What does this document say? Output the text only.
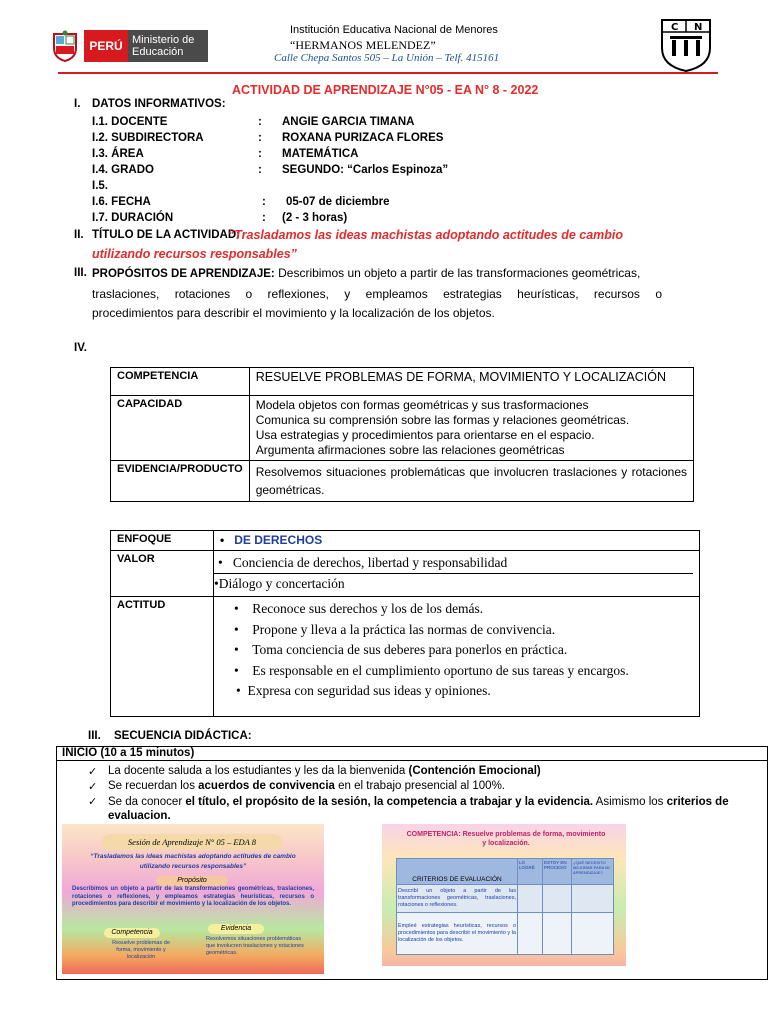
PERÚ Ministerio de Educación
Institución Educativa Nacional de Menores
“HERMANOS MELENDEZ”
Calle Chepa Santos 505 – La Unión – Telf. 415161
C N
ACTIVIDAD DE APRENDIZAJE N°05 - EA N° 8 - 2022
I. DATOS INFORMATIVOS:
I.1. DOCENTE	: ANGIE GARCIA TIMANA
I.2. SUBDIRECTORA	: ROXANA PURIZACA FLORES
I.3. ÁREA	: MATEMÁTICA
I.4. GRADO	: SEGUNDO: “Carlos Espinoza”
I.5.
I.6. FECHA	: 05-07 de diciembre
I.7. DURACIÓN	: (2 - 3 horas)
II. TÍTULO DE LA ACTIVIDAD:
“Trasladamos las ideas machistas adoptando actitudes de cambio
utilizando recursos responsables”
III. PROPÓSITOS DE APRENDIZAJE: Describimos un objeto a partir de las transformaciones geométricas,
traslaciones, rotaciones o reflexiones, y empleamos estrategias heurísticas, recursos o
procedimientos para describir el movimiento y la localización de los objetos.
IV.
COMPETENCIA	RESUELVE PROBLEMAS DE FORMA, MOVIMIENTO Y LOCALIZACIÓN
CAPACIDAD	Modela objetos con formas geométricas y sus trasformaciones
Comunica su comprensión sobre las formas y relaciones geométricas.
Usa estrategias y procedimientos para orientarse en el espacio.
Argumenta afirmaciones sobre las relaciones geométricas

EVIDENCIA/PRODUCTO	Resolvemos situaciones problemáticas que involucren traslaciones y rotaciones geométricas.
ENFOQUE	•   DE DERECHOS
VALOR	•   Conciencia de derechos, libertad y responsabilidad
•Diálogo y concertación

ACTITUD	•    Reconoce sus derechos y los de los demás.
•    Propone y lleva a la práctica las normas de convivencia.
•    Toma conciencia de sus deberes para ponerlos en práctica.
•    Es responsable en el cumplimiento oportuno de sus tareas y encargos.
•  Expresa con seguridad sus ideas y opiniones.
III. SECUENCIA DIDÁCTICA:
INICIO (10 a 15 minutos)
✓ La docente saluda a los estudiantes y les da la bienvenida (Contención Emocional)
✓ Se recuerdan los acuerdos de convivencia en el trabajo presencial al 100%.
✓ Se da conocer el título, el propósito de la sesión, la competencia a trabajar y la evidencia. Asimismo los criterios de
evaluacion.
Sesión de Aprendizaje N° 05 – EDA 8
“Trasladamos las ideas machistas adoptando actitudes de cambio
utilizando recursos responsables”
Propósito
Describimos un objeto a partir de las transformaciones geométricas, traslaciones, rotaciones o reflexiones, y empleamos estrategias heurísticas, recursos o procedimientos para describir el movimiento y la localización de los objetos.
Competencia
Evidencia
Resuelve problemas de forma, movimiento y localización
Resolvemos situaciones problemáticas que involucren traslaciones y rotaciones geométricas.
COMPETENCIA: Resuelve problemas de forma, movimiento y localización.
CRITERIOS DE EVALUACIÓN	LO LOGRÉ	ESTOY EN PROCESO	¿QUÉ NECESITO MEJORAR PARA MI APRENDIZAJE?
Describí un objeto a partir de las transformaciones geométricas, traslaciones, rotaciones o reflexiones.			
Empleé estrategias heurísticas, recursos o procedimientos para describir el movimiento y la localización de los objetos.			
